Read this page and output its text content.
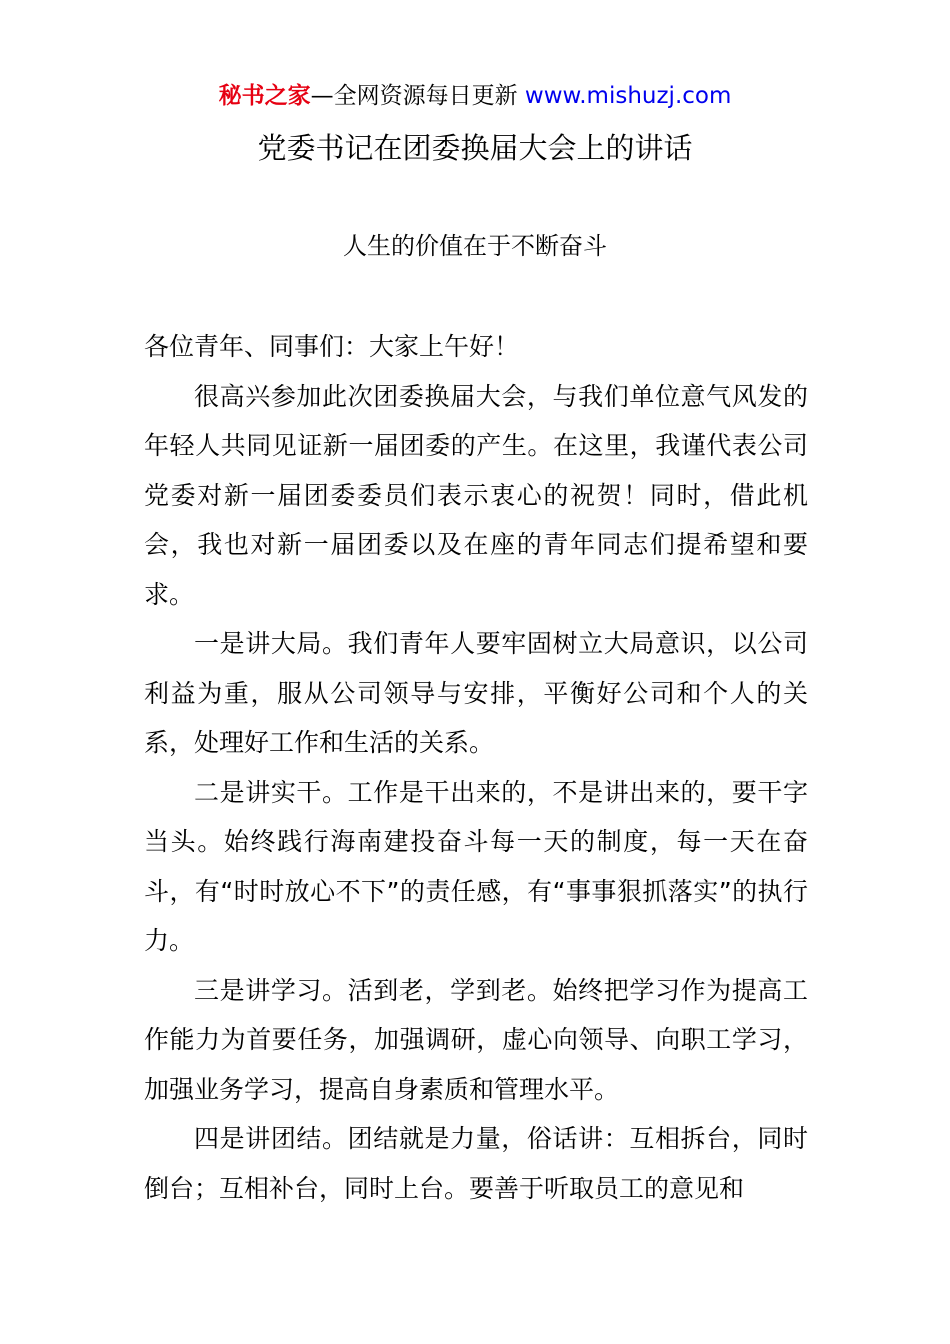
秘书之家—全网资源每日更新 www.mishuzj.com
党委书记在团委换届大会上的讲话
人生的价值在于不断奋斗

各位青年、同事们：大家上午好！

很高兴参加此次团委换届大会，与我们单位意气风发的年轻人共同见证新一届团委的产生。在这里，我谨代表公司党委对新一届团委委员们表示衷心的祝贺！同时，借此机会，我也对新一届团委以及在座的青年同志们提希望和要求。

一是讲大局。我们青年人要牢固树立大局意识，以公司利益为重，服从公司领导与安排，平衡好公司和个人的关系，处理好工作和生活的关系。

二是讲实干。工作是干出来的，不是讲出来的，要干字当头。始终践行海南建投奋斗每一天的制度，每一天在奋斗，有“时时放心不下”的责任感，有“事事狠抓落实”的执行力。

三是讲学习。活到老，学到老。始终把学习作为提高工作能力为首要任务，加强调研，虚心向领导、向职工学习，加强业务学习，提高自身素质和管理水平。

四是讲团结。团结就是力量，俗话讲：互相拆台，同时倒台；互相补台，同时上台。要善于听取员工的意见和
